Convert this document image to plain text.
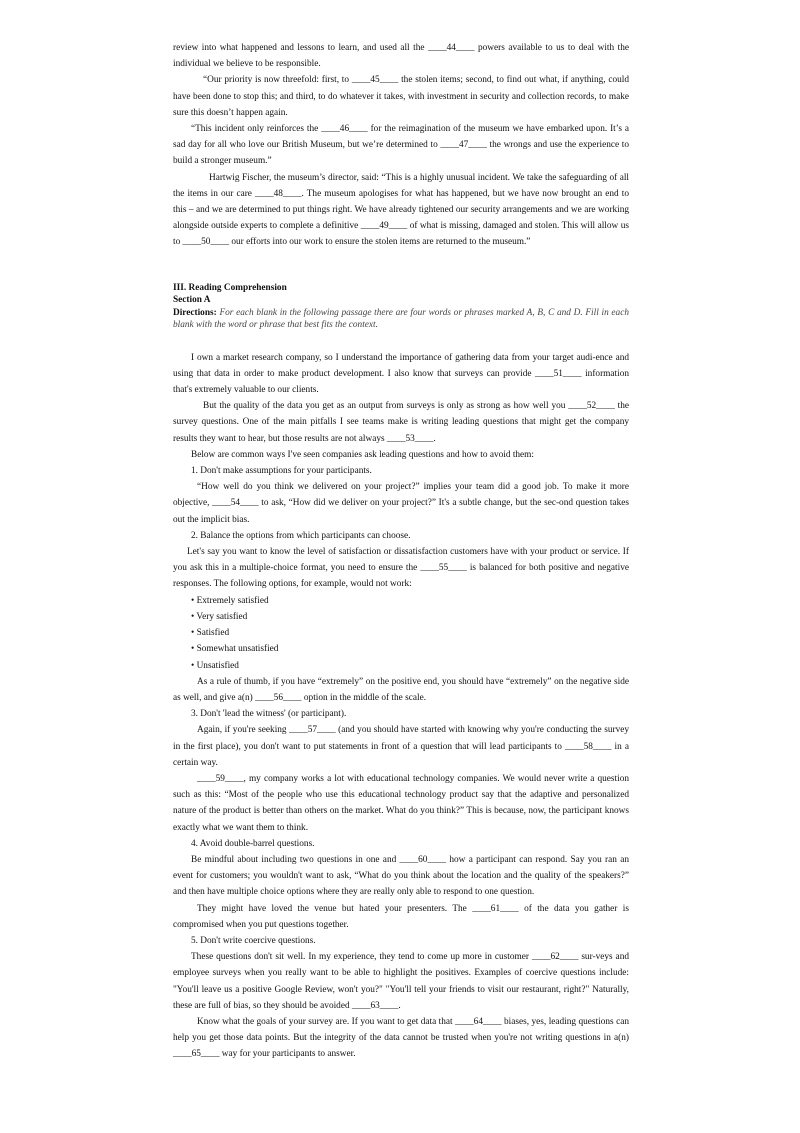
review into what happened and lessons to learn, and used all the ____44____ powers available to us to deal with the individual we believe to be responsible.

“Our priority is now threefold: first, to ____45____ the stolen items; second, to find out what, if anything, could have been done to stop this; and third, to do whatever it takes, with investment in security and collection records, to make sure this doesn’t happen again.

“This incident only reinforces the ____46____ for the reimagination of the museum we have embarked upon. It’s a sad day for all who love our British Museum, but we’re determined to ____47____ the wrongs and use the experience to build a stronger museum.”

Hartwig Fischer, the museum’s director, said: “This is a highly unusual incident. We take the safeguarding of all the items in our care ____48____. The museum apologises for what has happened, but we have now brought an end to this – and we are determined to put things right. We have already tightened our security arrangements and we are working alongside outside experts to complete a definitive ____49____ of what is missing, damaged and stolen. This will allow us to ____50____ our efforts into our work to ensure the stolen items are returned to the museum.”

III. Reading Comprehension

Section A

Directions: For each blank in the following passage there are four words or phrases marked A, B, C and D. Fill in each blank with the word or phrase that best fits the context.

I own a market research company, so I understand the importance of gathering data from your target audi-ence and using that data in order to make product development. I also know that surveys can provide ____51____ information that's extremely valuable to our clients.

But the quality of the data you get as an output from surveys is only as strong as how well you ____52____ the survey questions. One of the main pitfalls I see teams make is writing leading questions that might get the company results they want to hear, but those results are not always ____53____.

Below are common ways I've seen companies ask leading questions and how to avoid them:

1. Don't make assumptions for your participants.

“How well do you think we delivered on your project?” implies your team did a good job. To make it more objective, ____54____ to ask, “How did we deliver on your project?” It's a subtle change, but the sec-ond question takes out the implicit bias.

2. Balance the options from which participants can choose.

Let's say you want to know the level of satisfaction or dissatisfaction customers have with your product or service. If you ask this in a multiple-choice format, you need to ensure the ____55____ is balanced for both positive and negative responses. The following options, for example, would not work:

• Extremely satisfied

• Very satisfied

• Satisfied

• Somewhat unsatisfied

• Unsatisfied

As a rule of thumb, if you have “extremely” on the positive end, you should have “extremely” on the negative side as well, and give a(n) ____56____ option in the middle of the scale.

3. Don't 'lead the witness' (or participant).

Again, if you're seeking ____57____ (and you should have started with knowing why you're conducting the survey in the first place), you don't want to put statements in front of a question that will lead participants to ____58____ in a certain way.

____59____, my company works a lot with educational technology companies. We would never write a question such as this: “Most of the people who use this educational technology product say that the adaptive and personalized nature of the product is better than others on the market. What do you think?” This is because, now, the participant knows exactly what we want them to think.

4. Avoid double-barrel questions.

Be mindful about including two questions in one and ____60____ how a participant can respond. Say you ran an event for customers; you wouldn't want to ask, “What do you think about the location and the quality of the speakers?” and then have multiple choice options where they are really only able to respond to one question.

They might have loved the venue but hated your presenters. The ____61____ of the data you gather is compromised when you put questions together.

5. Don't write coercive questions.

These questions don't sit well. In my experience, they tend to come up more in customer ____62____ sur-veys and employee surveys when you really want to be able to highlight the positives. Examples of coercive questions include: "You'll leave us a positive Google Review, won't you?" "You'll tell your friends to visit our restaurant, right?" Naturally, these are full of bias, so they should be avoided ____63____.

Know what the goals of your survey are. If you want to get data that ____64____ biases, yes, leading questions can help you get those data points. But the integrity of the data cannot be trusted when you're not writing questions in a(n) ____65____ way for your participants to answer.
